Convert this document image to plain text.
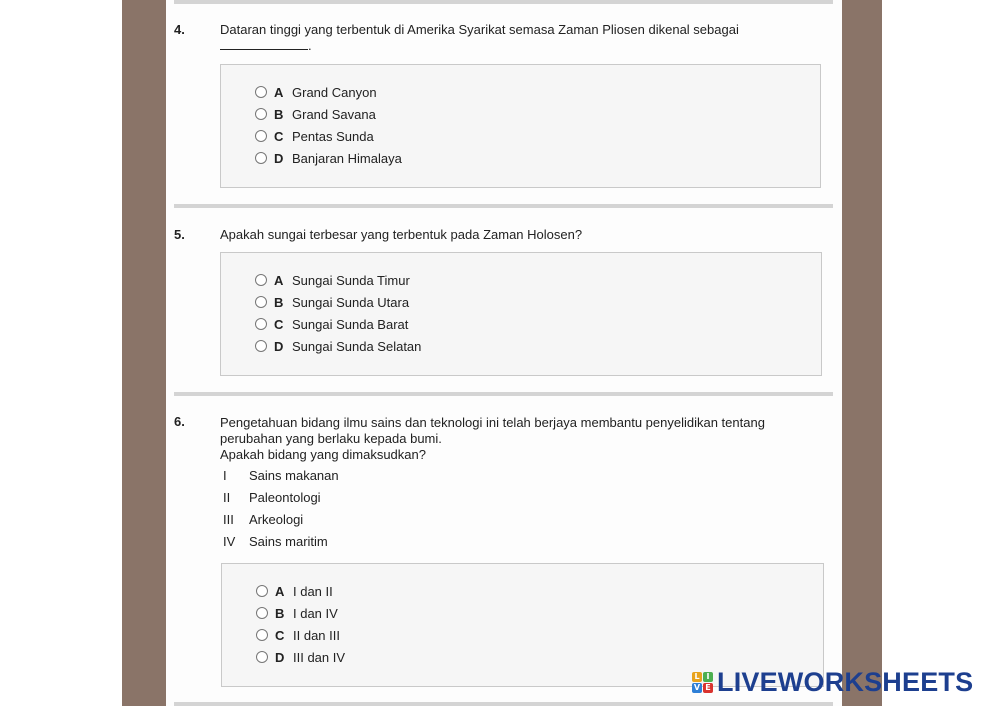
4.	Dataran tinggi yang terbentuk di Amerika Syarikat semasa Zaman Pliosen dikenal sebagai
.
A Grand Canyon
B Grand Savana
C Pentas Sunda
D Banjaran Himalaya
5.	Apakah sungai terbesar yang terbentuk pada Zaman Holosen?
A Sungai Sunda Timur
B Sungai Sunda Utara
C Sungai Sunda Barat
D Sungai Sunda Selatan
6.	Pengetahuan bidang ilmu sains dan teknologi ini telah berjaya membantu penyelidikan tentang
perubahan yang berlaku kepada bumi.
Apakah bidang yang dimaksudkan?
I	Sains makanan
II	Paleontologi
III	Arkeologi
IV	Sains maritim
A I dan II
B I dan IV
C II dan III
D III dan IV
L I
V E LIVEWORKSHEETS
